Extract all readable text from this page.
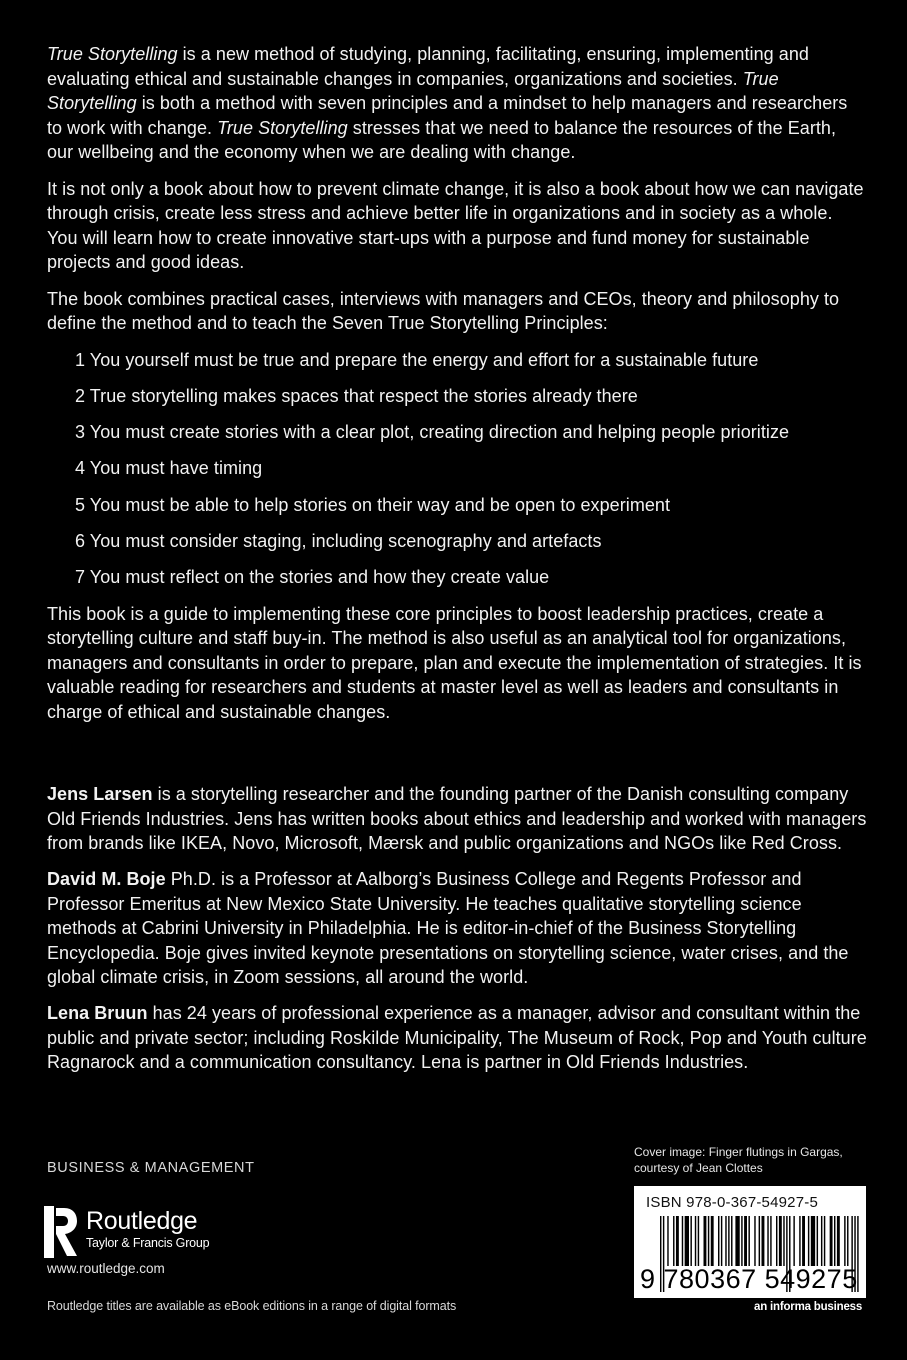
True Storytelling is a new method of studying, planning, facilitating, ensuring, implementing and evaluating ethical and sustainable changes in companies, organizations and societies. True Storytelling is both a method with seven principles and a mindset to help managers and researchers to work with change. True Storytelling stresses that we need to balance the resources of the Earth, our wellbeing and the economy when we are dealing with change.

It is not only a book about how to prevent climate change, it is also a book about how we can navigate through crisis, create less stress and achieve better life in organizations and in society as a whole. You will learn how to create innovative start-ups with a purpose and fund money for sustainable projects and good ideas.

The book combines practical cases, interviews with managers and CEOs, theory and philosophy to define the method and to teach the Seven True Storytelling Principles:

1 You yourself must be true and prepare the energy and effort for a sustainable future
2 True storytelling makes spaces that respect the stories already there
3 You must create stories with a clear plot, creating direction and helping people prioritize
4 You must have timing
5 You must be able to help stories on their way and be open to experiment
6 You must consider staging, including scenography and artefacts
7 You must reflect on the stories and how they create value

This book is a guide to implementing these core principles to boost leadership practices, create a storytelling culture and staff buy-in. The method is also useful as an analytical tool for organizations, managers and consultants in order to prepare, plan and execute the implementation of strategies. It is valuable reading for researchers and students at master level as well as leaders and consultants in charge of ethical and sustainable changes.

Jens Larsen is a storytelling researcher and the founding partner of the Danish consulting company Old Friends Industries. Jens has written books about ethics and leadership and worked with managers from brands like IKEA, Novo, Microsoft, Mærsk and public organizations and NGOs like Red Cross.

David M. Boje Ph.D. is a Professor at Aalborg’s Business College and Regents Professor and Professor Emeritus at New Mexico State University. He teaches qualitative storytelling science methods at Cabrini University in Philadelphia. He is editor-in-chief of the Business Storytelling Encyclopedia. Boje gives invited keynote presentations on storytelling science, water crises, and the global climate crisis, in Zoom sessions, all around the world.

Lena Bruun has 24 years of professional experience as a manager, advisor and consultant within the public and private sector; including Roskilde Municipality, The Museum of Rock, Pop and Youth culture Ragnarock and a communication consultancy. Lena is partner in Old Friends Industries.

BUSINESS & MANAGEMENT
Routledge
Taylor & Francis Group
www.routledge.com
Routledge titles are available as eBook editions in a range of digital formats
Cover image: Finger flutings in Gargas,
courtesy of Jean Clottes
ISBN 978-0-367-54927-5
9 780367 549275
an informa business
